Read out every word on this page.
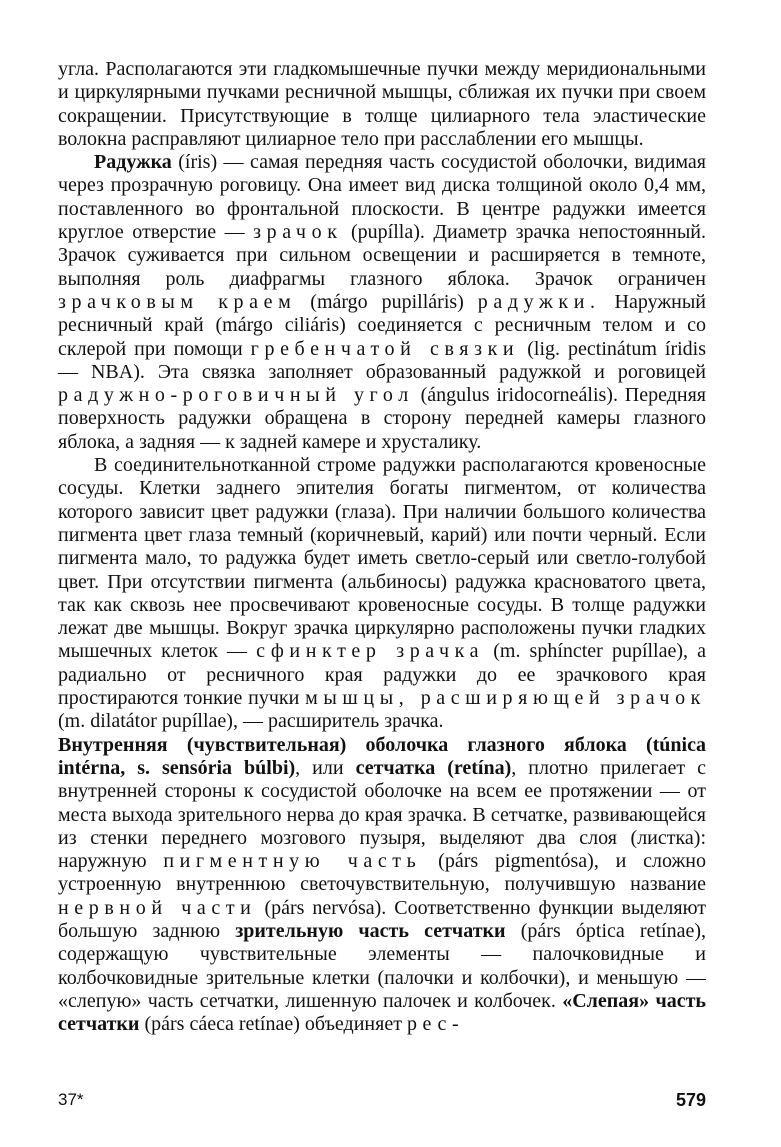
угла. Располагаются эти гладкомышечные пучки между меридиональными и циркулярными пучками ресничной мышцы, сближая их пучки при своем сокращении. Присутствующие в толще цилиарного тела эластические волокна расправляют цилиарное тело при расслаблении его мышцы.

Радужка (íris) — самая передняя часть сосудистой оболочки, видимая через прозрачную роговицу. Она имеет вид диска толщиной около 0,4 мм, поставленного во фронтальной плоскости. В центре радужки имеется круглое отверстие — зрачок (pupílla). Диаметр зрачка непостоянный. Зрачок суживается при сильном освещении и расширяется в темноте, выполняя роль диафрагмы глазного яблока. Зрачок ограничен зрачковым краем (márgo pupilláris) радужки. Наружный ресничный край (márgo ciliáris) соединяется с ресничным телом и со склерой при помощи гребенчатой связки (lig. pectinátum íridis — NBA). Эта связка заполняет образованный радужкой и роговицей радужно-роговичный угол (ángulus iridocorneális). Передняя поверхность радужки обращена в сторону передней камеры глазного яблока, а задняя — к задней камере и хрусталику.

В соединительнотканной строме радужки располагаются кровеносные сосуды. Клетки заднего эпителия богаты пигментом, от количества которого зависит цвет радужки (глаза). При наличии большого количества пигмента цвет глаза темный (коричневый, карий) или почти черный. Если пигмента мало, то радужка будет иметь светло-серый или светло-голубой цвет. При отсутствии пигмента (альбиносы) радужка красноватого цвета, так как сквозь нее просвечивают кровеносные сосуды. В толще радужки лежат две мышцы. Вокруг зрачка циркулярно расположены пучки гладких мышечных клеток — сфинктер зрачка (m. sphíncter pupíllae), а радиально от ресничного края радужки до ее зрачкового края простираются тонкие пучки мышцы, расширяющей зрачок (m. dilatátor pupíllae), — расширитель зрачка.

Внутренняя (чувствительная) оболочка глазного яблока (túnica intérna, s. sensória búlbi), или сетчатка (retína), плотно прилегает с внутренней стороны к сосудистой оболочке на всем ее протяжении — от места выхода зрительного нерва до края зрачка. В сетчатке, развивающейся из стенки переднего мозгового пузыря, выделяют два слоя (листка): наружную пигментную часть (párs pigmentósa), и сложно устроенную внутреннюю светочувствительную, получившую название нервной части (párs nervósa). Соответственно функции выделяют большую заднюю зрительную часть сетчатки (párs óptica retínae), содержащую чувствительные элементы — палочковидные и колбочковидные зрительные клетки (палочки и колбочки), и меньшую — «слепую» часть сетчатки, лишенную палочек и колбочек. «Слепая» часть сетчатки (párs cáeca retínae) объединяет рес-

37*	579
